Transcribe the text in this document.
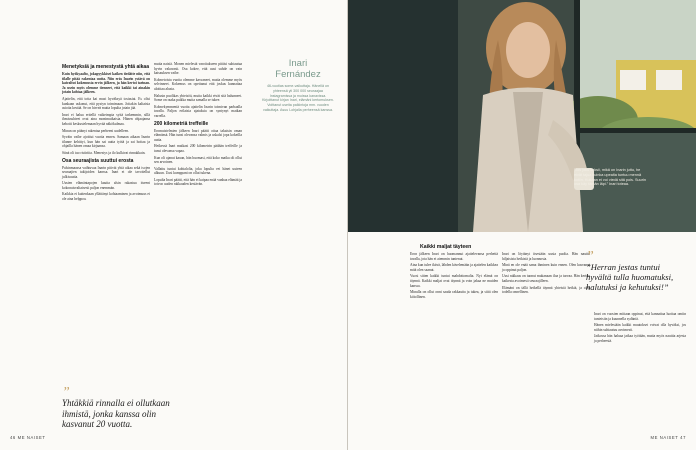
Menetyksiä ja menestystä yhtä aikaa

Kuin hyökyaalto, jokapyykkiset kaiken tiedätte niin, että tilalle pitää rakentaa uutta. Niin eräs Inarin ystävä on kaivaltut kokemusta ervin jälkeen, ja hän kertoi tarinan. Ja usein myös olemme tienneet, että kaikki tai ainakin jotain kohtaa jälkeen.

Ajattelin, että totta kai must hyväksyä tosiasiat. Es olisi kunkaan uskonut, että pystyn toimimaan. Joitakin kaltaisia asioita kestää. Se on hirveä mutta lopulta jotain jää.

Inari ei halua eritellä vaikeimpia syitä tarkemmin, sillä ihmissuhteet ovat aina monimutkaisia. Hänen ohjaajansa kehotti keskustelemaan hyvää näkökulmaa.

Minun on pitänyt rakentaa perheeni uudelleen.

Syväin vaihe ajoittui vuotta ennen. Samaan aikaan Inarin tilanne kehittyi, kun hän sai uutta työtä ja sai hoitaa ja ohjailla hänen omaa kirjaansa.

Siinä oli tuo ristiriita. Menestys ja ilo kulkivat rinnakkain.

Osa seuraajista suuttui erosta

Palsinmaassa vaihtuvaa Inarin pitivät yhtä aikaa sekä isojen seuraajien tukijoiden kanssa. Inari ei ole tavoitellut julkisuutta.

Uusien elämäntapojen kautta alsin rakastua itseeni kokonaisvaltaisesti paljon enemmän.

Kaikkia ei kuitenkaan yllättänyt kohtaaminen ja avoimuus ei ole aina helppoa.

”
Yhtäkkiä rinnalla ei ollutkaan ihmistä, jonka kanssa olin kasvanut 20 vuotta.

muita naisiä. Monen mielestä varoitukseen pitäisi suhtautua hyvin vakavasti. Osa kokee, että uusi suhde on vain katsauksen vaihe.

Kolmetoista vuotta olemme kasvaneet, mutta olemme myös selvinneet. Kokemus on opettanut että joskus kannattaa aloittaa alusta.

Halusin puolikas yhteisöä, mutta kaikki eivät sitä halunneet. Some on raaka paikka mutta samalla se tukee.

Kolmekymmentä vuotta ajattelin Inarin toimivan parhaalla tavalla. Paljon erilaisia ajatuksia on syntynyt matkan varrella.

200 kilometriä treffeille

Eromuistelmien jälkeen Inari päätti ottaa takaisin oman elämänsä. Hän tunsi olevansa valmis ja uskalsi jopa kokeilla uutta.

Hetkessä Inari matkasi 200 kilometrin päähän treffeille ja tunsi olevansa vapaa.

Kun oli ajanut kauan, hän huomasi, että koko matka oli ollut sen arvoinen.

Vallattu tuntui kohtalolta, joka lopulta vei hänet uuteen alkuun. Uusi kumppani on ollut tukena.

Lopulta Inari päätti, että hän ei kaipaa enää vanhaa elämää ja toivoo uuden rakkauden kestävän.

Inari
Fernández
46-vuotias some-vaikuttaja. Hänellä on yhteensä yli 300 000 seuraajaa Instagramissa ja muissa kanavissa. Kirjoittanut kirjan Inari, elämäni kertomuksen. Voittanut useita palkintoja mm. vuoden vaikuttaja. Asuu Lohjalla perheensä kanssa.
46 ME NAISET
”Jos joku keksii, mikä on Inarin juttu, he eivät tajua kuinka upealta tuntuu mennä kotiin. Kukaan ei voi viedä sitä pois. Suurin osa käy tämän läpi.” Inari toteaa.
Kaikki maljat täyteen

Eron jälkeen Inari on huomannut ajattelevansa perhettä tavalla, jota hän ei aiemmin tuntenut.

Aina kun tulee ikävä, lähden kävelemään ja ajattelen kaikkea mitä olen saanut.

Vuosi sitten kaikki tuntui mahdottomalta. Nyt elämä on täynnä. Kaikki maljat ovat täynnä ja voin jakaa ne muiden kanssa.

Minulla on ollut onni saada rakkautta ja tukea, ja siitä olen kiitollinen.

Inari on löytänyt itsestään uusia puolia. Hän nauttii hiljaisista hetkistä ja luonnosta.

Minä en ole enää sama ihminen kuin ennen. Olen kasvanut ja oppinut paljon.

Uusi rakkaus on tuonut mukanaan iloa ja turvaa. Hän kertoo kaikesta avoimesti seuraajilleen.

Elämäni on tällä hetkellä täynnä yhteisiä hetkiä, ja olen todella onnellinen.

”
”Herran jestas tuntui hyvältä tulla huomatuksi, halutuksi ja kehutuksi!”

Inari on vuosien mittaan oppinut, että kannattaa luottaa omiin tunteisiin ja kuunnella sydäntä.

Hänen mielestään kaikki muutokset voivat olla hyväksi, jos niihin suhtautuu avoimesti.

Jatkossa hän haluaa jatkaa työtään, mutta myös nauttia arjesta ja perheestä.

ME NAISET 47
